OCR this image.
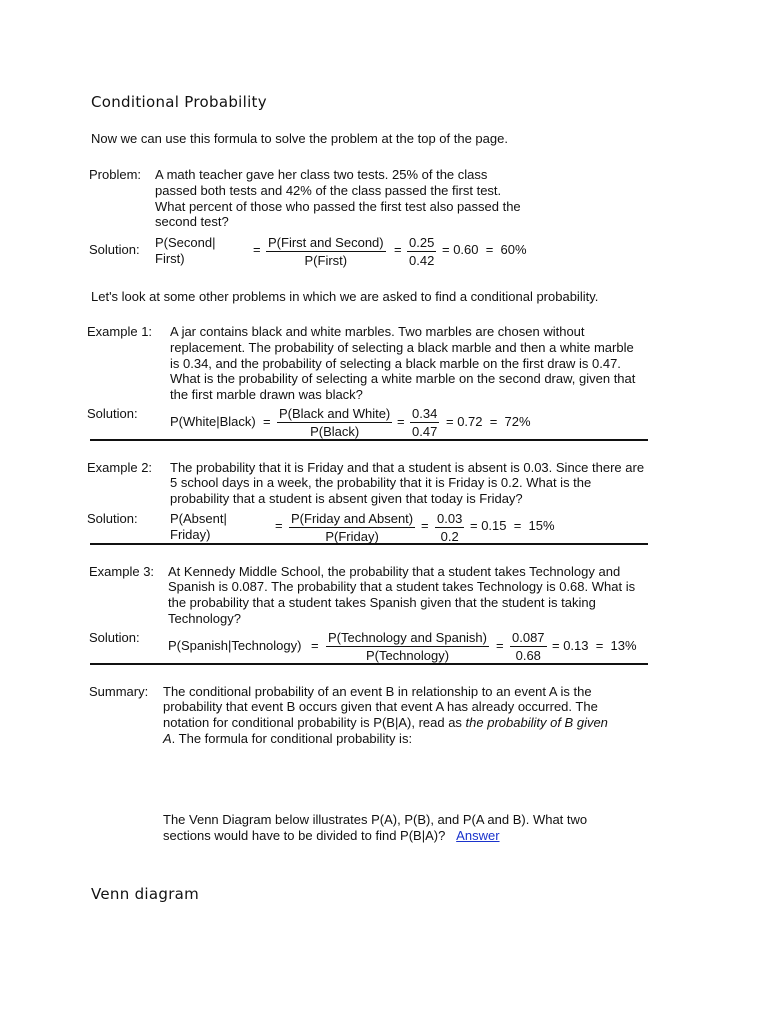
Conditional Probability
Now we can use this formula to solve the problem at the top of the page.
Problem: A math teacher gave her class two tests. 25% of the class
passed both tests and 42% of the class passed the first test.
What percent of those who passed the first test also passed the
second test?
Solution: P(Second|
First)
= P(First and Second)
P(First)
= $\frac{0.25}{0.42} = 0.60 = 60\%$
Let's look at some other problems in which we are asked to find a conditional probability.
Example 1: A jar contains black and white marbles. Two marbles are chosen without
replacement. The probability of selecting a black marble and then a white marble
is 0.34, and the probability of selecting a black marble on the first draw is 0.47.
What is the probability of selecting a white marble on the second draw, given that
the first marble drawn was black?
Solution:
P(White|Black) =
P(Black and White)
P(Black)
= $\frac{0.34}{0.47} = 0.72 = 72\%$
Example 2: The probability that it is Friday and that a student is absent is 0.03. Since there are
5 school days in a week, the probability that it is Friday is 0.2. What is the
probability that a student is absent given that today is Friday?
Solution: P(Absent|
Friday)
= P(Friday and Absent)
P(Friday)
= $\frac{0.03}{0.2} = 0.15 = 15\%$
Example 3: At Kennedy Middle School, the probability that a student takes Technology and
Spanish is 0.087. The probability that a student takes Technology is 0.68. What is
the probability that a student takes Spanish given that the student is taking
Technology?
Solution:
P(Spanish|Technology) =
P(Technology and Spanish)
P(Technology)
= $\frac{0.087}{0.68} = 0.13 = 13\%$
Summary: The conditional probability of an event B in relationship to an event A is the
probability that event B occurs given that event A has already occurred. The
notation for conditional probability is P(B|A), read as the probability of B given
A. The formula for conditional probability is:
The Venn Diagram below illustrates P(A), P(B), and P(A and B). What two
sections would have to be divided to find P(B|A)? Answer
Venn diagram
